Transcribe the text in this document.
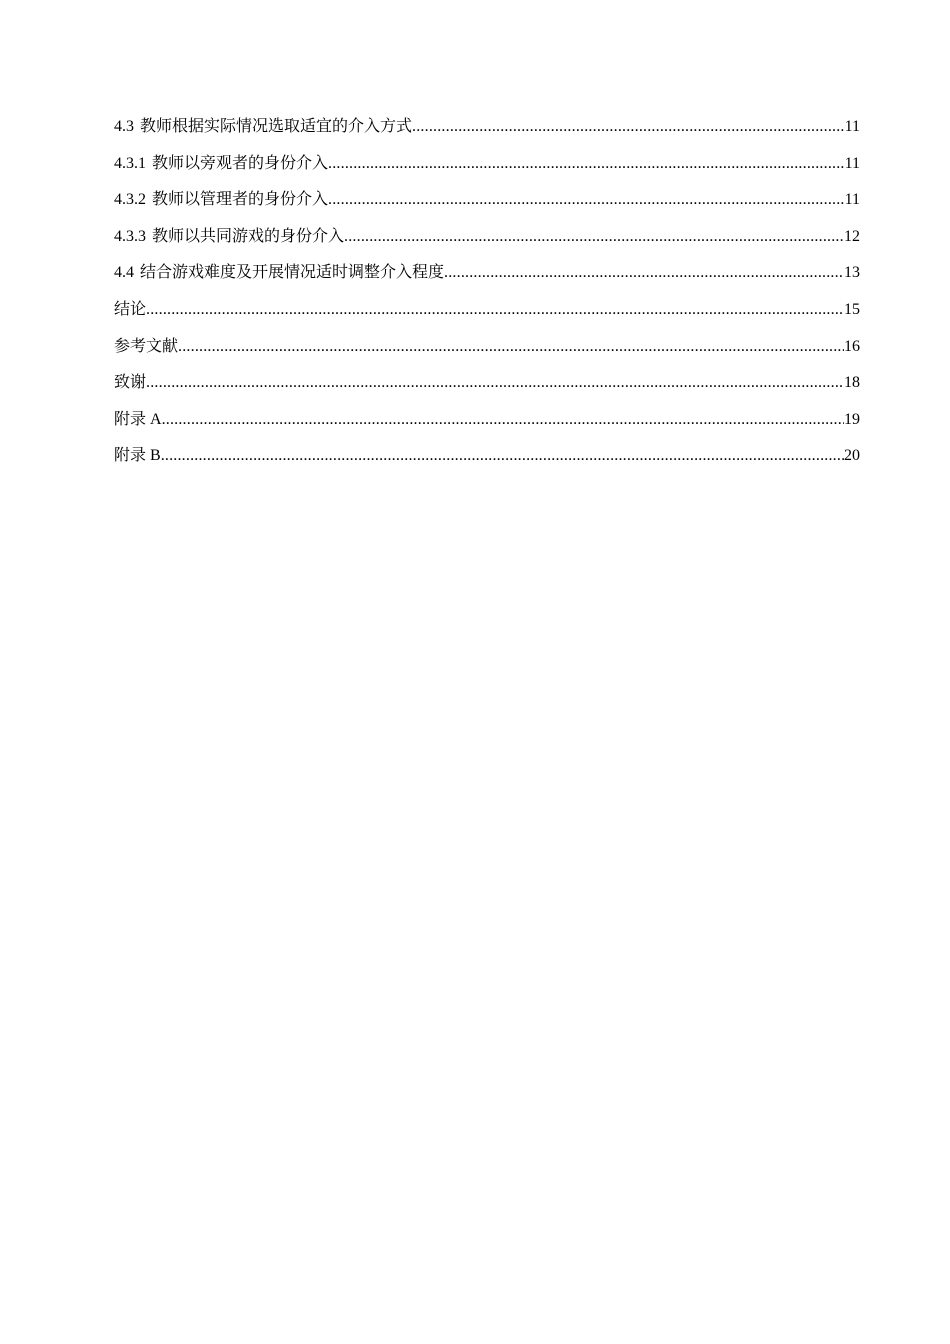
4.3 教师根据实际情况选取适宜的介入方式 .....	11
4.3.1 教师以旁观者的身份介入 .....	11
4.3.2 教师以管理者的身份介入 .....	11
4.3.3 教师以共同游戏的身份介入 .....	12
4.4 结合游戏难度及开展情况适时调整介入程度 .....	13
结论 .....	15
参考文献 .....	16
致谢 .....	18
附录 A .....	19
附录 B .....	20
